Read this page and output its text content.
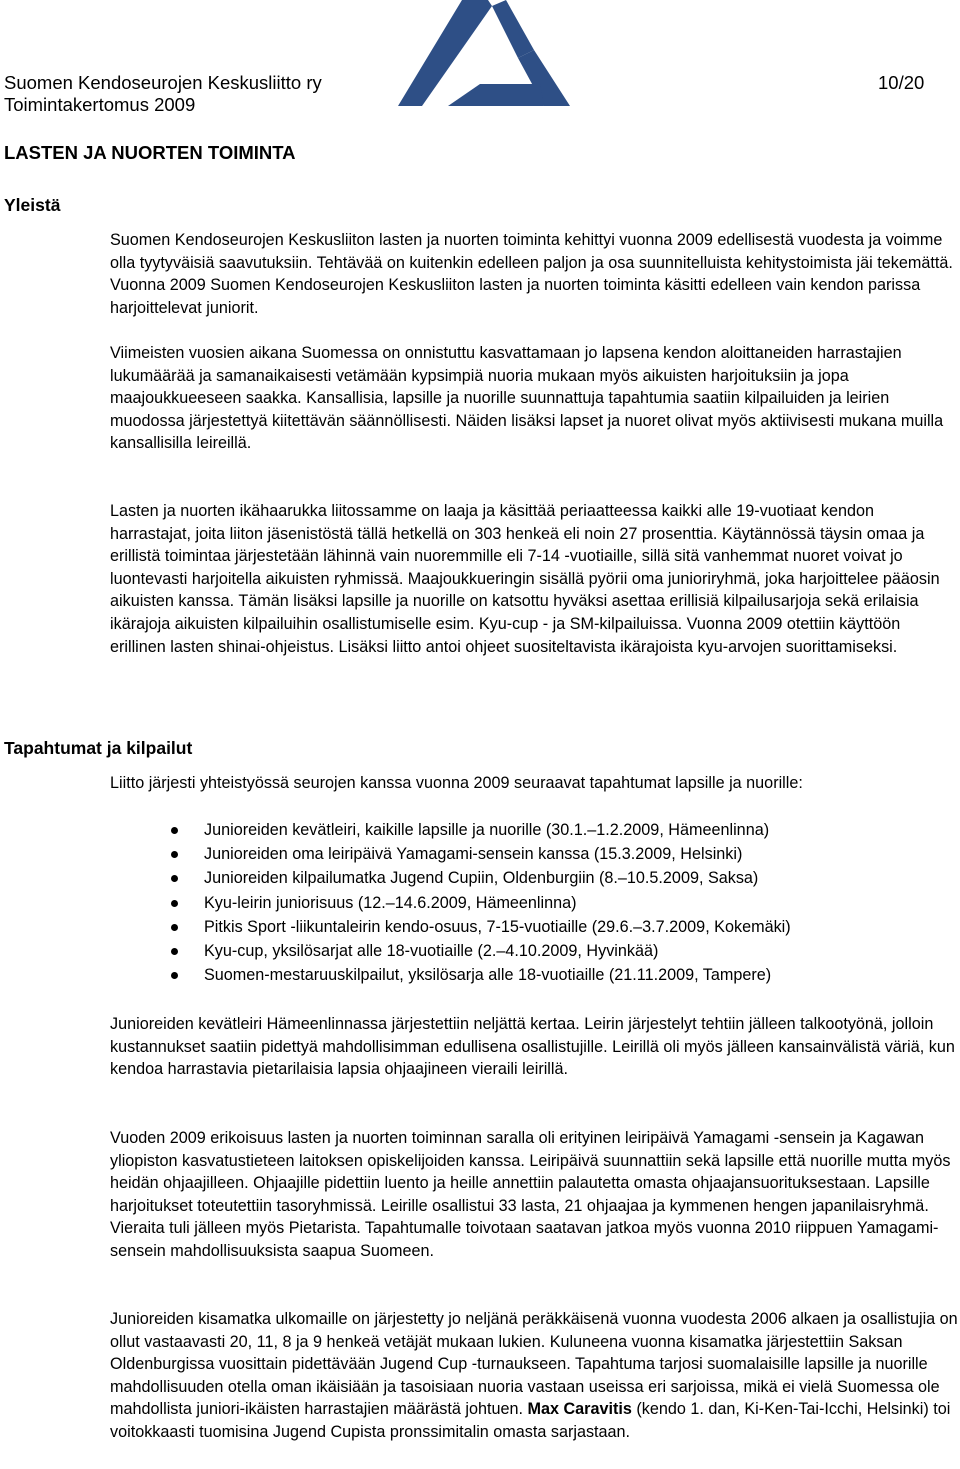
Suomen Kendoseurojen Keskusliitto ry
Toimintakertomus 2009
10/20
LASTEN JA NUORTEN TOIMINTA
Yleistä
Suomen Kendoseurojen Keskusliiton lasten ja nuorten toiminta kehittyi vuonna 2009 edellisestä vuodesta ja voimme olla tyytyväisiä saavutuksiin. Tehtävää on kuitenkin edelleen paljon ja osa suunnitelluista kehitystoimista jäi tekemättä. Vuonna 2009 Suomen Kendoseurojen Keskusliiton lasten ja nuorten toiminta käsitti edelleen vain kendon parissa harjoittelevat juniorit.
Viimeisten vuosien aikana Suomessa on onnistuttu kasvattamaan jo lapsena kendon aloittaneiden harrastajien lukumäärää ja samanaikaisesti vetämään kypsimpiä nuoria mukaan myös aikuisten harjoituksiin ja jopa maajoukkueeseen saakka. Kansallisia, lapsille ja nuorille suunnattuja tapahtumia saatiin kilpailuiden ja leirien muodossa järjestettyä kiitettävän säännöllisesti. Näiden lisäksi lapset ja nuoret olivat myös aktiivisesti mukana muilla kansallisilla leireillä.
Lasten ja nuorten ikähaarukka liitossamme on laaja ja käsittää periaatteessa kaikki alle 19-vuotiaat kendon harrastajat, joita liiton jäsenistöstä tällä hetkellä on 303 henkeä eli noin 27 prosenttia. Käytännössä täysin omaa ja erillistä toimintaa järjestetään lähinnä vain nuoremmille eli 7-14 -vuotiaille, sillä sitä vanhemmat nuoret voivat jo luontevasti harjoitella aikuisten ryhmissä. Maajoukkueringin sisällä pyörii oma junioriryhmä, joka harjoittelee pääosin aikuisten kanssa. Tämän lisäksi lapsille ja nuorille on katsottu hyväksi asettaa erillisiä kilpailusarjoja sekä erilaisia ikärajoja aikuisten kilpailuihin osallistumiselle esim. Kyu-cup - ja SM-kilpailuissa. Vuonna 2009 otettiin käyttöön erillinen lasten shinai-ohjeistus. Lisäksi liitto antoi ohjeet suositeltavista ikärajoista kyu-arvojen suorittamiseksi.
Tapahtumat ja kilpailut

Liitto järjesti yhteistyössä seurojen kanssa vuonna 2009 seuraavat tapahtumat lapsille ja nuorille:

Junioreiden kevätleiri, kaikille lapsille ja nuorille (30.1.–1.2.2009, Hämeenlinna)
Junioreiden oma leiripäivä Yamagami-sensein kanssa (15.3.2009, Helsinki)
Junioreiden kilpailumatka Jugend Cupiin, Oldenburgiin (8.–10.5.2009, Saksa)
Kyu-leirin juniorisuus (12.–14.6.2009, Hämeenlinna)
Pitkis Sport -liikuntaleirin kendo-osuus, 7-15-vuotiaille (29.6.–3.7.2009, Kokemäki)
Kyu-cup, yksilösarjat alle 18-vuotiaille (2.–4.10.2009, Hyvinkää)
Suomen-mestaruuskilpailut, yksilösarja alle 18-vuotiaille (21.11.2009, Tampere)
Junioreiden kevätleiri Hämeenlinnassa järjestettiin neljättä kertaa. Leirin järjestelyt tehtiin jälleen talkootyönä, jolloin kustannukset saatiin pidettyä mahdollisimman edullisena osallistujille. Leirillä oli myös jälleen kansainvälistä väriä, kun kendoa harrastavia pietarilaisia lapsia ohjaajineen vieraili leirillä.
Vuoden 2009 erikoisuus lasten ja nuorten toiminnan saralla oli erityinen leiripäivä Yamagami -sensein ja Kagawan yliopiston kasvatustieteen laitoksen opiskelijoiden kanssa. Leiripäivä suunnattiin sekä lapsille että nuorille mutta myös heidän ohjaajilleen. Ohjaajille pidettiin luento ja heille annettiin palautetta omasta ohjaajansuorituksestaan. Lapsille harjoitukset toteutettiin tasoryhmissä. Leirille osallistui 33 lasta, 21 ohjaajaa ja kymmenen hengen japanilaisryhmä. Vieraita tuli jälleen myös Pietarista. Tapahtumalle toivotaan saatavan jatkoa myös vuonna 2010 riippuen Yamagami-sensein mahdollisuuksista saapua Suomeen.
Junioreiden kisamatka ulkomaille on järjestetty jo neljänä peräkkäisenä vuonna vuodesta 2006 alkaen ja osallistujia on ollut vastaavasti 20, 11, 8 ja 9 henkeä vetäjät mukaan lukien. Kuluneena vuonna kisamatka järjestettiin Saksan Oldenburgissa vuosittain pidettävään Jugend Cup -turnaukseen. Tapahtuma tarjosi suomalaisille lapsille ja nuorille mahdollisuuden otella oman ikäisiään ja tasoisiaan nuoria vastaan useissa eri sarjoissa, mikä ei vielä Suomessa ole mahdollista juniori-ikäisten harrastajien määrästä johtuen. Max Caravitis (kendo 1. dan, Ki-Ken-Tai-Icchi, Helsinki) toi voitokkaasti tuomisina Jugend Cupista pronssimitalin omasta sarjastaan.
